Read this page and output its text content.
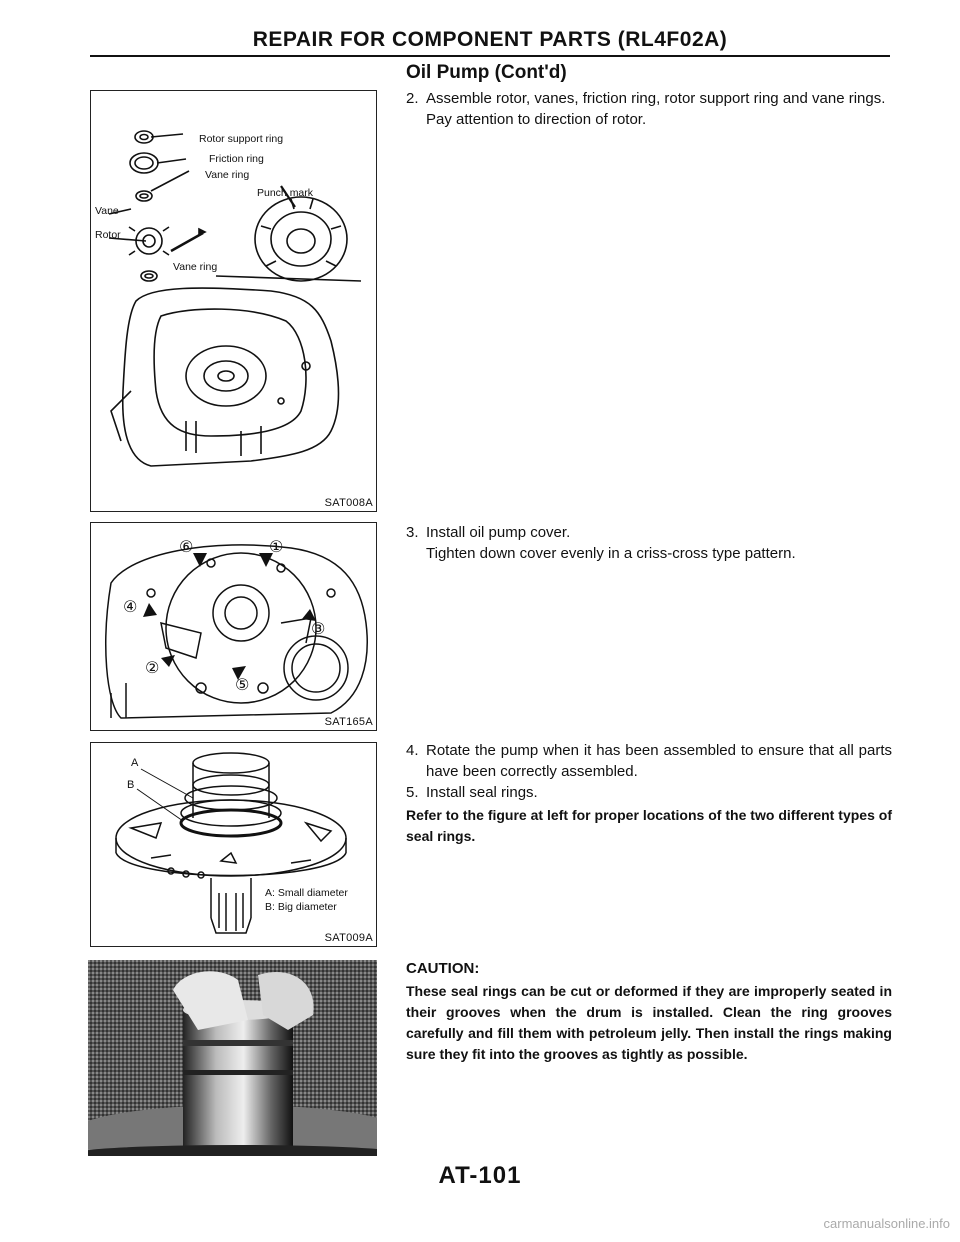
REPAIR FOR COMPONENT PARTS (RL4F02A)
Rotor support ring
Friction ring
Vane ring
Punch mark
Vane
Rotor
Vane ring
SAT008A
⑥	①
④
③
②
⑤
SAT165A
A
B
A: Small diameter
B: Big diameter
SAT009A
Oil Pump (Cont'd)

2. Assemble rotor, vanes, friction ring, rotor support ring and vane rings.

Pay attention to direction of rotor.

3. Install oil pump cover.

Tighten down cover evenly in a criss-cross type pattern.

4. Rotate the pump when it has been assembled to ensure that all parts have been correctly assembled.

5. Install seal rings.

Refer to the figure at left for proper locations of the two different types of seal rings.

CAUTION:

These seal rings can be cut or deformed if they are improperly seated in their grooves when the drum is installed. Clean the ring grooves carefully and fill them with petroleum jelly. Then install the rings making sure they fit into the grooves as tightly as possible.

AT-101
carmanualsonline.info
